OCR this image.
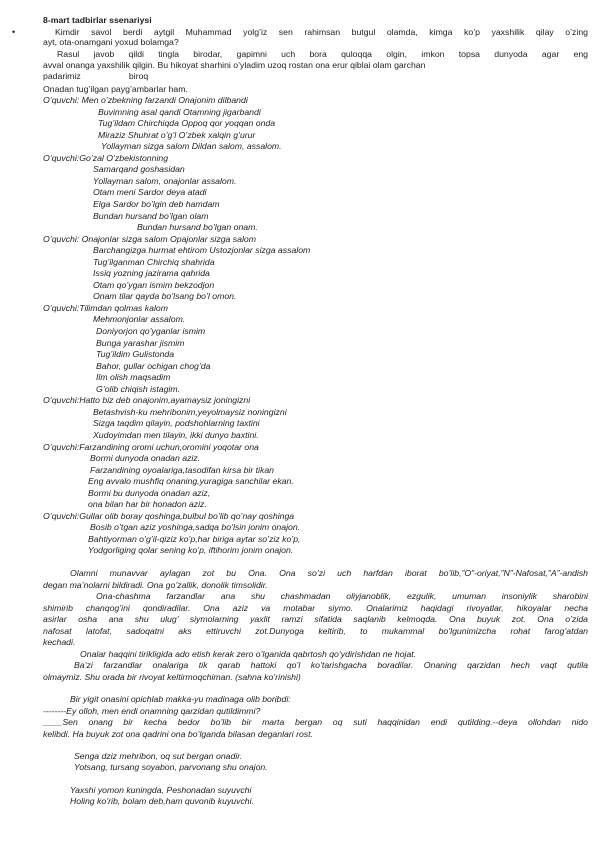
8-mart tadbirlar ssenariysi
•	Kimdir savol berdi aytgil Muhammad yolg’iz sen rahimsan butgul olamda, kimga ko’p yaxshilik qilay o’zing
ayt, ota-onamgani yoxud bolamga?
Rasul javob qildi tingla birodar, gapimni uch bora quloqqa olgin, imkon topsa dunyoda agar eng
avval onanga yaxshilik qilgin. Bu hikoyat sharhini o’yladim uzoq rostan ona erur qiblai olam garchan
padarimiz                    biroq
Onadan tug’ilgan payg’ambarlar ham.
O’quvchi: Men o’zbekning farzandi Onajonim dilbandi
Buvimning asal qandi Otamning jigarbandi
Tug’ildam Chirchiqda Oppoq qor yoqqan onda
Miraziz Shuhrat o’g’l O’zbek xalqin g’urur
Yollayman sizga salom Dildan salom, assalom.
O’quvchi:Go’zal O’zbekistonning
Samarqand goshasidan
Yollayman salom, onajonlar assalom.
Otam meni Sardor deya atadi
Elga Sardor bo’lgin deb hamdam
Bundan hursand bo’lgan olam
Bundan hursand bo’lgan onam.
O’quvchi: Onajonlar sizga salom Opajonlar sizga salom
Barchangizga hurmat ehtirom Ustozjonlar sizga assalom
Tug’ilganman Chirchiq shahrida
Issiq yozning jazirama qahrida
Otam qo’ygan ismim bekzodjon
Onam tilar qayda bo’lsang bo’l omon.
O’quvchi:Tilimdan qolmas kalom
Mehmonjonlar assalom.
Doniyorjon qo’yganlar ismim
Bunga yarashar jismim
Tug’ildim Gulistonda
Bahor, gullar ochigan chog’da
Ilm olish maqsadim
G’olib chiqish istagim.
O’quvchi:Hatto biz deb onajonim,ayamaysiz joningizni
Betashvish-ku mehribonim,yeyolmaysiz noningizni
Sizga taqdim qilayin, podshohlarning taxtini
Xudoyimdan men tilayin, ikki dunyo baxtini.
O’quvchi:Farzandining oromi uchun,oromini yoqotar ona
Bormi dunyoda onadan aziz.
Farzandining oyoalariga,tasodifan kirsa bir tikan
Eng avvalo mushfiq onaning,yuragiga sanchilar ekan.
Bormi bu dunyoda onadan aziz,
ona bilan har bir honadon aziz.
O’quvchi:Gullar olib boray qoshinga,bulbul bo’lib qo’nay qoshinga
Bosib o’tgan aziz yoshinga,sadqa bo’lsin jonim onajon.
Bahtiyorman o’g’il-qiziz ko’p,har biriga aytar so’ziz ko’p,
Yodgorliging qolar sening ko’p, iftihorim jonim onajon.
Olamni munavvar aylagan zot bu Ona. Ona so’zi uch harfdan iborat bo’lib,”O”-oriyat,”N”-Nafosat,”A”-andish
degan ma’nolarni bildiradi. Ona go’zallik, donolik timsolidir.
Ona-chashma farzandlar ana shu chashmadan oliyjanoblik, ezgulik, umuman insoniylik sharobini
shimirib chanqog’ini qondiradilar. Ona aziz va motabar siymo. Onalarimiz haqidagi rivoyatlar, hikoyalar necha
asirlar osha ana shu ulug’ siymolarning yaxlit ramzi sifatida saqlanib kelmoqda. Ona buyuk zot. Ona o’zida
nafosat latofat, sadoqatni aks ettiruvchi zot.Dunyoga keltirib, to mukammal bo’lgunimizcha rohat farog’atdan
kechadi.
Onalar haqqini tirikligida ado etish kerak zero o’lganida qabrtosh qo’ydirishdan ne hojat.
Ba’zi farzandlar onalariga tik qarab hattoki qo’l ko’tarishgacha boradilar. Onaning qarzidan hech vaqt qutila
olmaymiz. Shu orada bir rivoyat keltirmoqchiman. (sahna ko’rinishi)
Bir yigit onasini opichlab makka-yu madinaga olib boribdi:
--------Ey olloh, men endi onamning qarzidan qutildimmi?
____Sen onang bir kecha bedor bo’lib bir marta bergan oq suti haqqinidan endi qutilding.--deya ollohdan nido
kelibdi. Ha buyuk zot ona qadrini ona bo’lganda bilasan deganlari rost.
Senga dziz mehribon, oq sut bergan onadir.
Yotsang, tursang soyabon, parvonang shu onajon.
Yaxshi yomon kuningda, Peshonadan suyuvchi
Holing ko’rib, bolam deb,ham quvonib kuyuvchi.
